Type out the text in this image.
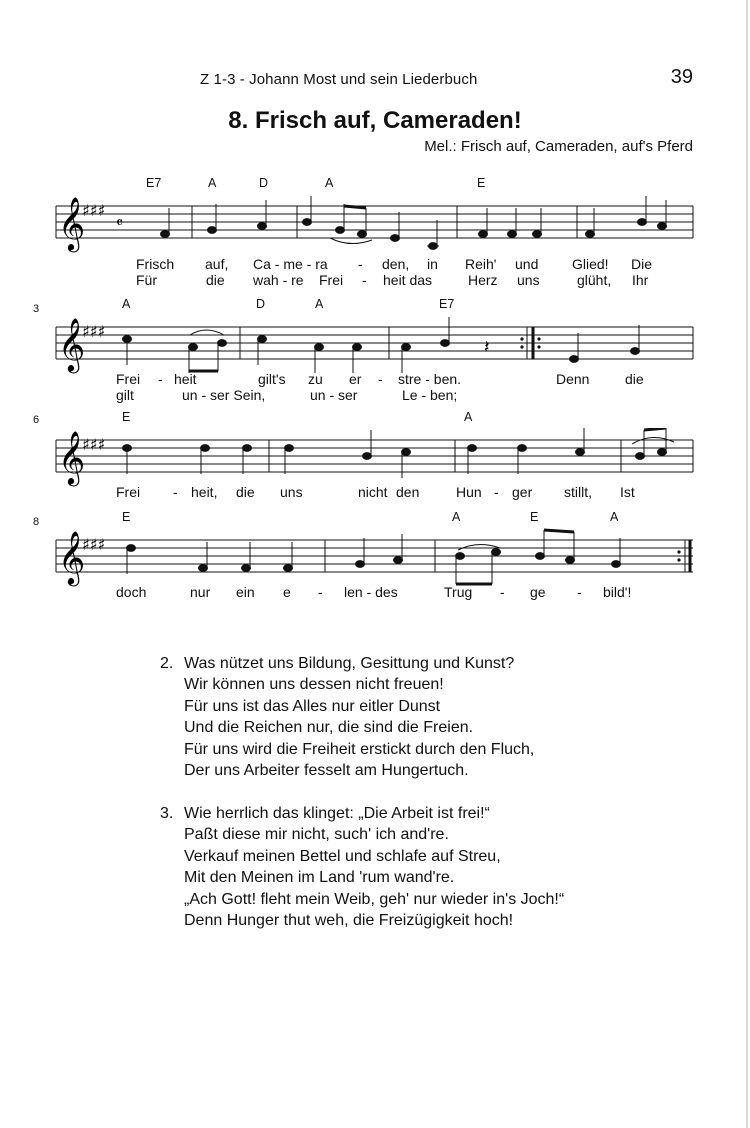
Z 1-3 - Johann Most und sein Liederbuch	39
8. Frisch auf, Cameraden!
Mel.: Frisch auf, Cameraden, auf's Pferd
E7	A	D	A	E
𝄞
♯♯♯
𝄴
Frisch auf, Ca - me - ra - den, in Reih' und Glied! Die
Für	die wah - re Frei - heit das	Herz uns	glüht, Ihr
3	A	D	A	E7
𝄞
♯♯♯
𝄽
Frei - heit	gilt's zu er - stre - ben.	Denn	die
gilt	un - ser Sein,	un - ser	Le - ben;
6	E	A
𝄞
♯♯♯
Frei - heit, die uns	nicht den	Hun - ger stillt, Ist
8	E	A	E	A
𝄞
♯♯♯
doch	nur ein e - len - des	Trug - ge - bild'!
2. Was nützet uns Bildung, Gesittung und Kunst?
Wir können uns dessen nicht freuen!
Für uns ist das Alles nur eitler Dunst
Und die Reichen nur, die sind die Freien.
Für uns wird die Freiheit erstickt durch den Fluch,
Der uns Arbeiter fesselt am Hungertuch.
3. Wie herrlich das klinget: „Die Arbeit ist frei!“
Paßt diese mir nicht, such' ich and're.
Verkauf meinen Bettel und schlafe auf Streu,
Mit den Meinen im Land 'rum wand're.
„Ach Gott! fleht mein Weib, geh' nur wieder in's Joch!“
Denn Hunger thut weh, die Freizügigkeit hoch!
